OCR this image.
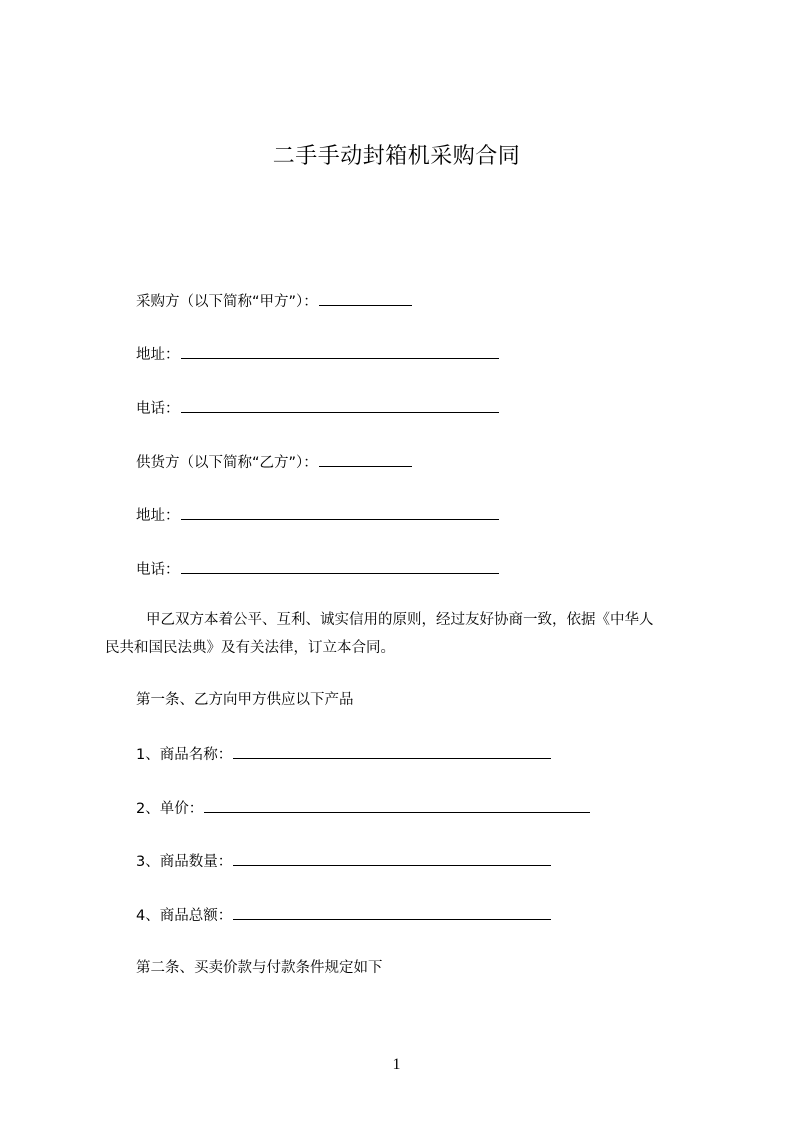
二手手动封箱机采购合同
采购方（以下简称“甲方”）：
地址：
电话：
供货方（以下简称“乙方”）：
地址：
电话：
甲乙双方本着公平、互利、诚实信用的原则，经过友好协商一致，依据《中华人
民共和国民法典》及有关法律，订立本合同。
第一条、乙方向甲方供应以下产品
1、商品名称：
2、单价：
3、商品数量：
4、商品总额：
第二条、买卖价款与付款条件规定如下
1
